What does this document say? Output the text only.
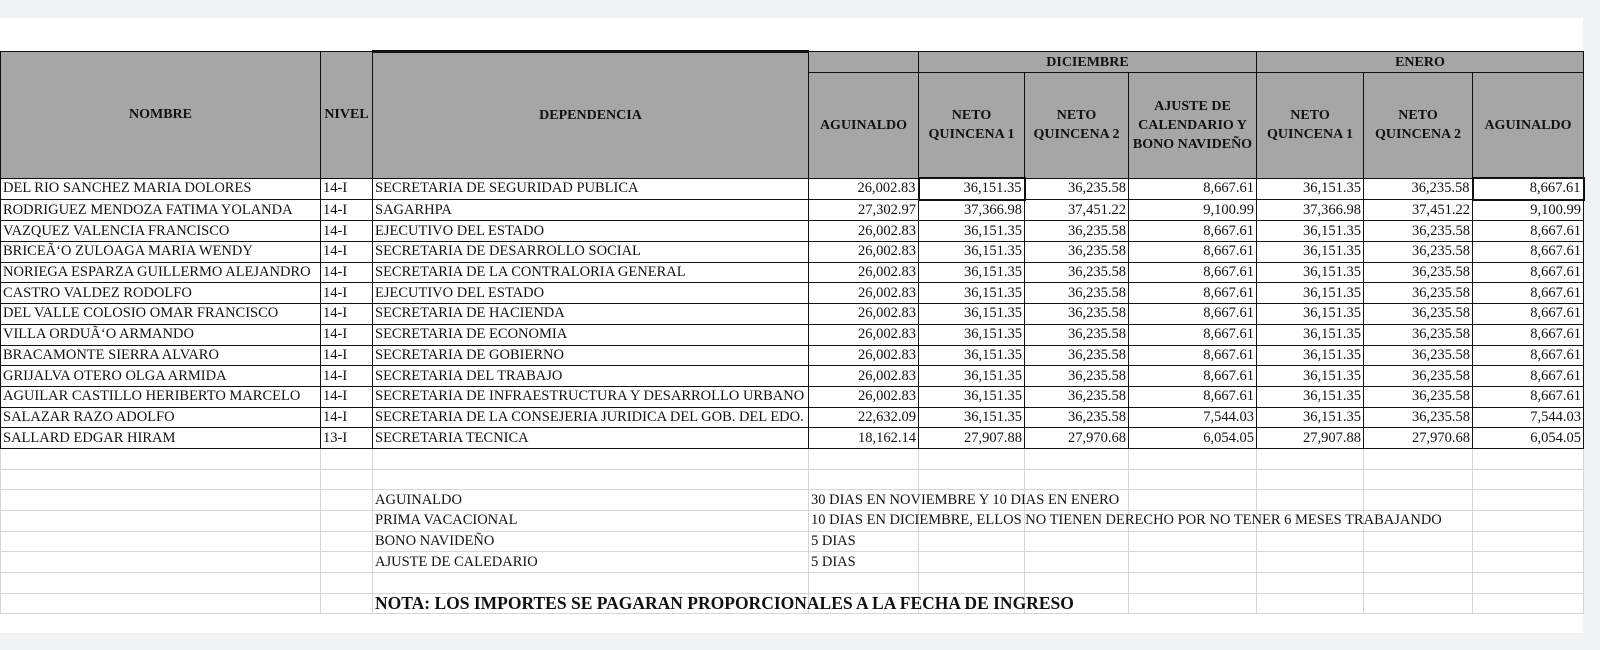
NOMBRE	NIVEL	DEPENDENCIA		DICIEMBRE			ENERO		
			AGUINALDO	NETO QUINCENA 1	NETO QUINCENA 2	AJUSTE DE CALENDARIO Y BONO NAVIDEÑO	NETO QUINCENA 1	NETO QUINCENA 2	AGUINALDO
DEL RIO SANCHEZ MARIA DOLORES	14-I	SECRETARIA DE SEGURIDAD PUBLICA	26,002.83	36,151.35	36,235.58	8,667.61	36,151.35	36,235.58	8,667.61
RODRIGUEZ MENDOZA FATIMA YOLANDA	14-I	SAGARHPA	27,302.97	37,366.98	37,451.22	9,100.99	37,366.98	37,451.22	9,100.99
VAZQUEZ VALENCIA FRANCISCO	14-I	EJECUTIVO DEL ESTADO	26,002.83	36,151.35	36,235.58	8,667.61	36,151.35	36,235.58	8,667.61
BRICEÃ‘O ZULOAGA MARIA WENDY	14-I	SECRETARIA DE DESARROLLO SOCIAL	26,002.83	36,151.35	36,235.58	8,667.61	36,151.35	36,235.58	8,667.61
NORIEGA ESPARZA GUILLERMO ALEJANDRO	14-I	SECRETARIA DE LA CONTRALORIA GENERAL	26,002.83	36,151.35	36,235.58	8,667.61	36,151.35	36,235.58	8,667.61
CASTRO VALDEZ RODOLFO	14-I	EJECUTIVO DEL ESTADO	26,002.83	36,151.35	36,235.58	8,667.61	36,151.35	36,235.58	8,667.61
DEL VALLE COLOSIO OMAR FRANCISCO	14-I	SECRETARIA DE HACIENDA	26,002.83	36,151.35	36,235.58	8,667.61	36,151.35	36,235.58	8,667.61
VILLA ORDUÃ‘O ARMANDO	14-I	SECRETARIA DE ECONOMIA	26,002.83	36,151.35	36,235.58	8,667.61	36,151.35	36,235.58	8,667.61
BRACAMONTE SIERRA ALVARO	14-I	SECRETARIA DE GOBIERNO	26,002.83	36,151.35	36,235.58	8,667.61	36,151.35	36,235.58	8,667.61
GRIJALVA OTERO OLGA ARMIDA	14-I	SECRETARIA DEL TRABAJO	26,002.83	36,151.35	36,235.58	8,667.61	36,151.35	36,235.58	8,667.61
AGUILAR CASTILLO HERIBERTO MARCELO	14-I	SECRETARIA DE INFRAESTRUCTURA Y DESARROLLO URBANO	26,002.83	36,151.35	36,235.58	8,667.61	36,151.35	36,235.58	8,667.61
SALAZAR RAZO ADOLFO	14-I	SECRETARIA DE LA CONSEJERIA JURIDICA DEL GOB. DEL EDO.	22,632.09	36,151.35	36,235.58	7,544.03	36,151.35	36,235.58	7,544.03
SALLARD EDGAR HIRAM	13-I	SECRETARIA TECNICA	18,162.14	27,907.88	27,970.68	6,054.05	27,907.88	27,970.68	6,054.05

		AGUINALDO	30 DIAS EN NOVIEMBRE Y 10 DIAS EN ENERO						
		PRIMA VACACIONAL	10 DIAS EN DICIEMBRE, ELLOS NO TIENEN DERECHO POR NO TENER 6 MESES TRABAJANDO						
		BONO NAVIDEÑO	5 DIAS						
		AJUSTE DE CALEDARIO	5 DIAS						

		NOTA: LOS IMPORTES SE PAGARAN PROPORCIONALES A LA FECHA DE INGRESO							
